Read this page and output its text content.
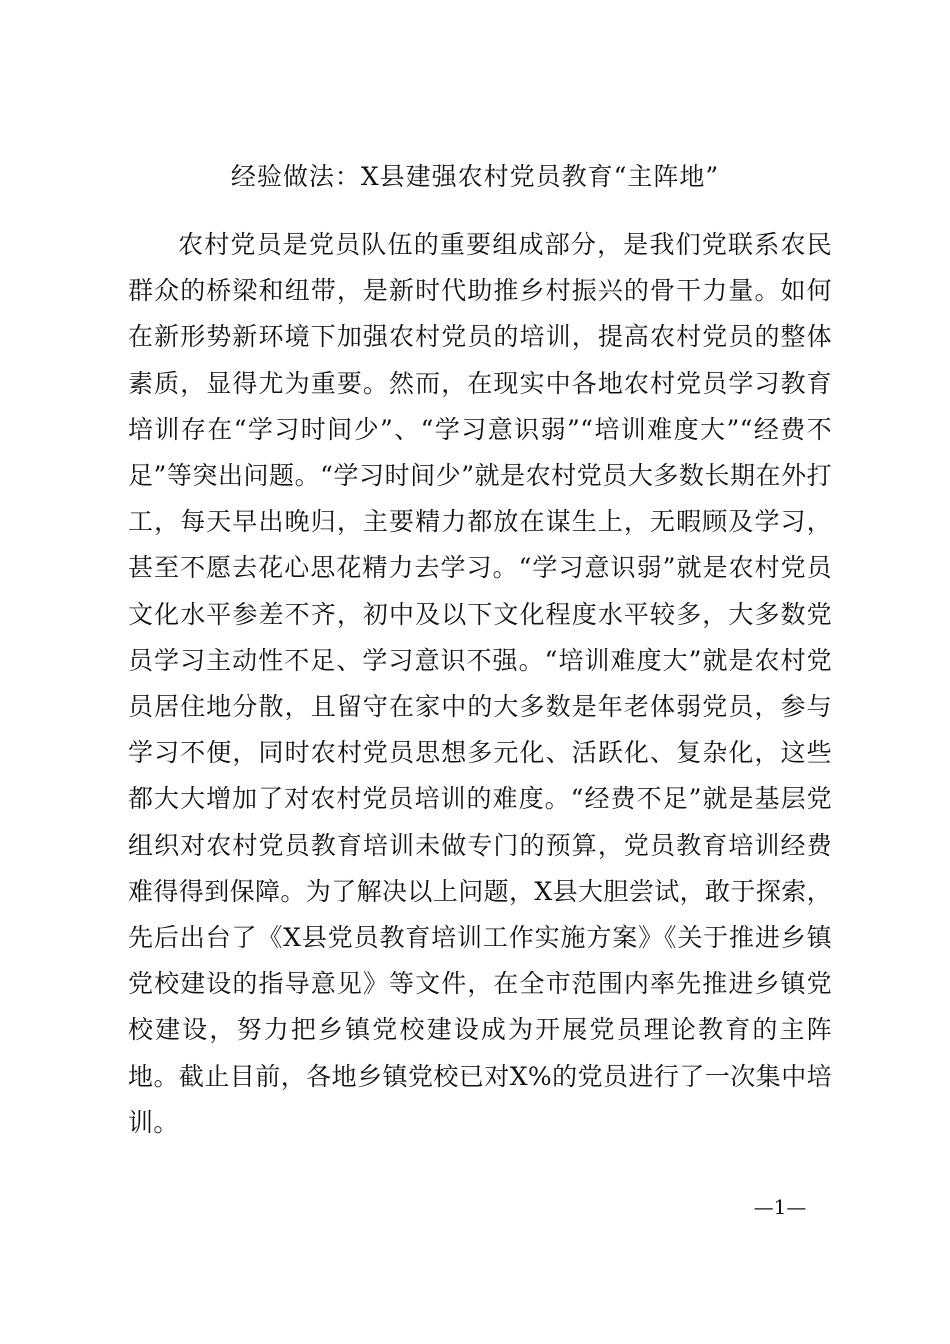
经验做法：X县建强农村党员教育“主阵地”

农村党员是党员队伍的重要组成部分，是我们党联系农民群众的桥梁和纽带，是新时代助推乡村振兴的骨干力量。如何在新形势新环境下加强农村党员的培训，提高农村党员的整体素质，显得尤为重要。然而，在现实中各地农村党员学习教育培训存在“学习时间少”、“学习意识弱”“培训难度大”“经费不足”等突出问题。“学习时间少”就是农村党员大多数长期在外打工，每天早出晚归，主要精力都放在谋生上，无暇顾及学习，甚至不愿去花心思花精力去学习。“学习意识弱”就是农村党员文化水平参差不齐，初中及以下文化程度水平较多，大多数党员学习主动性不足、学习意识不强。“培训难度大”就是农村党员居住地分散，且留守在家中的大多数是年老体弱党员，参与学习不便，同时农村党员思想多元化、活跃化、复杂化，这些都大大增加了对农村党员培训的难度。“经费不足”就是基层党组织对农村党员教育培训未做专门的预算，党员教育培训经费难得得到保障。为了解决以上问题，X县大胆尝试，敢于探索，先后出台了《X县党员教育培训工作实施方案》《关于推进乡镇党校建设的指导意见》等文件，在全市范围内率先推进乡镇党校建设，努力把乡镇党校建设成为开展党员理论教育的主阵地。截止目前，各地乡镇党校已对X%的党员进行了一次集中培训。

—1—
